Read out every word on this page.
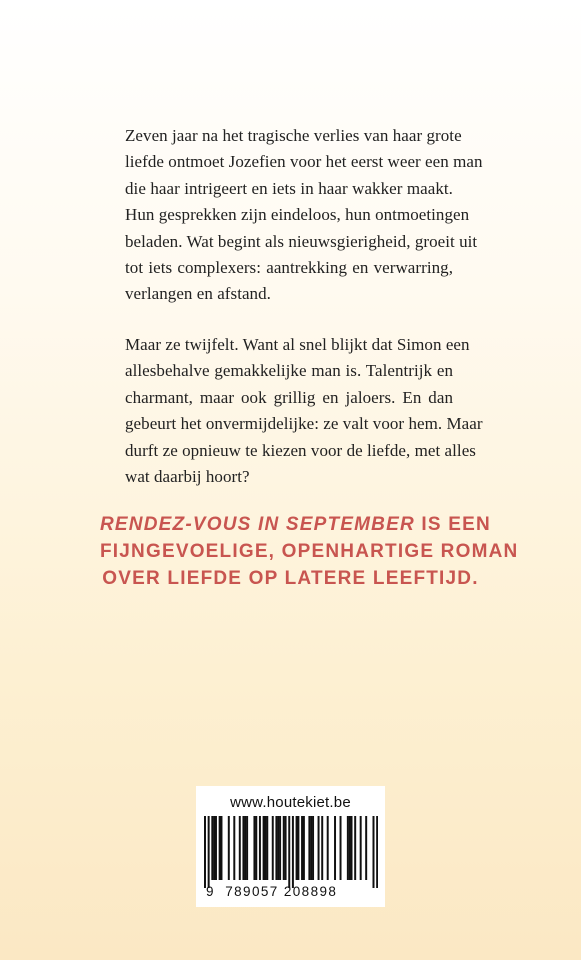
Zeven jaar na het tragische verlies van haar grote
liefde ontmoet Jozefien voor het eerst weer een man
die haar intrigeert en iets in haar wakker maakt.
Hun gesprekken zijn eindeloos, hun ontmoetingen
beladen. Wat begint als nieuwsgierigheid, groeit uit
tot iets complexers: aantrekking en verwarring,
verlangen en afstand.
Maar ze twijfelt. Want al snel blijkt dat Simon een
allesbehalve gemakkelijke man is. Talentrijk en
charmant, maar ook grillig en jaloers. En dan
gebeurt het onvermijdelijke: ze valt voor hem. Maar
durft ze opnieuw te kiezen voor de liefde, met alles
wat daarbij hoort?
RENDEZ-VOUS IN SEPTEMBER IS EEN
FIJNGEVOELIGE, OPENHARTIGE ROMAN
OVER LIEFDE OP LATERE LEEFTIJD.
www.houtekiet.be
9 789057 208898
